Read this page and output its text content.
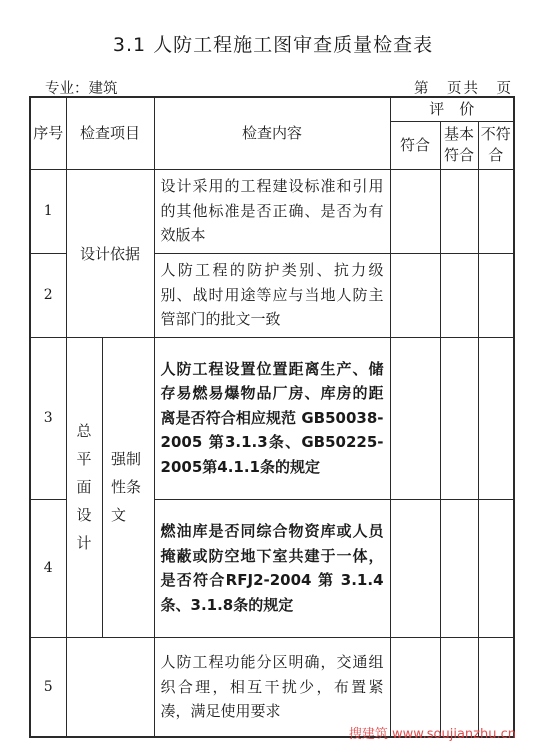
3.1 人防工程施工图审查质量检查表
专业：建筑	第　页共　页
序号	检查项目		检查内容	评　价		
				符合	基本符合	不符合
1	设计依据		设计采用的工程建设标准和引用的其他标准是否正确、是否为有效版本			
2			人防工程的防护类别、抗力级别、战时用途等应与当地人防主管部门的批文一致			
3	总平面设计	强制性条文	人防工程设置位置距离生产、储存易燃易爆物品厂房、库房的距离是否符合相应规范 GB50038-2005 第3.1.3条、GB50225-2005第4.1.1条的规定			
4			燃油库是否同综合物资库或人员掩蔽或防空地下室共建于一体，是否符合RFJ2-2004 第 3.1.4 条、3.1.8条的规定			
5			人防工程功能分区明确，交通组织合理，相互干扰少，布置紧凑，满足使用要求			
搜建筑 www.soujianzhu.cn
